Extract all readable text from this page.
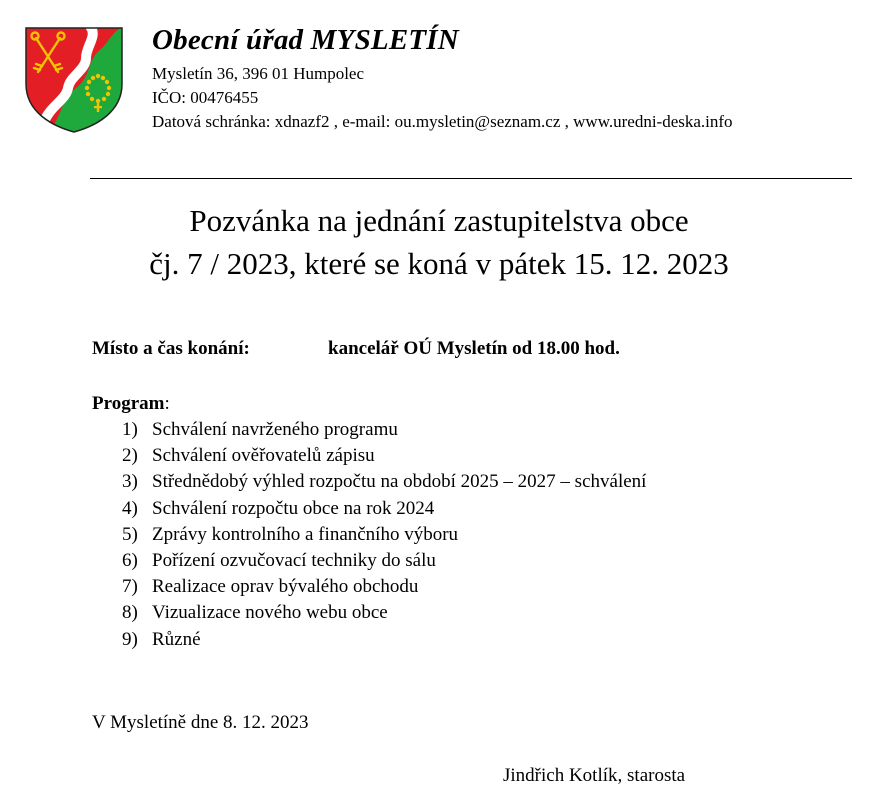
Obecní úřad MYSLETÍN
Mysletín 36, 396 01 Humpolec
IČO: 00476455
Datová schránka: xdnazf2 , e-mail: ou.mysletin@seznam.cz , www.uredni-deska.info
Pozvánka na jednání zastupitelstva obce
čj. 7 / 2023, které se koná v pátek 15. 12. 2023
Místo a čas konání:	kancelář OÚ Mysletín od 18.00 hod.
Program:
1) Schválení navrženého programu
2) Schválení ověřovatelů zápisu
3) Střednědobý výhled rozpočtu na období 2025 – 2027 – schválení
4) Schválení rozpočtu obce na rok 2024
5) Zprávy kontrolního a finančního výboru
6) Pořízení ozvučovací techniky do sálu
7) Realizace oprav bývalého obchodu
8) Vizualizace nového webu obce
9) Různé
V Mysletíně dne 8. 12. 2023
Jindřich Kotlík, starosta
